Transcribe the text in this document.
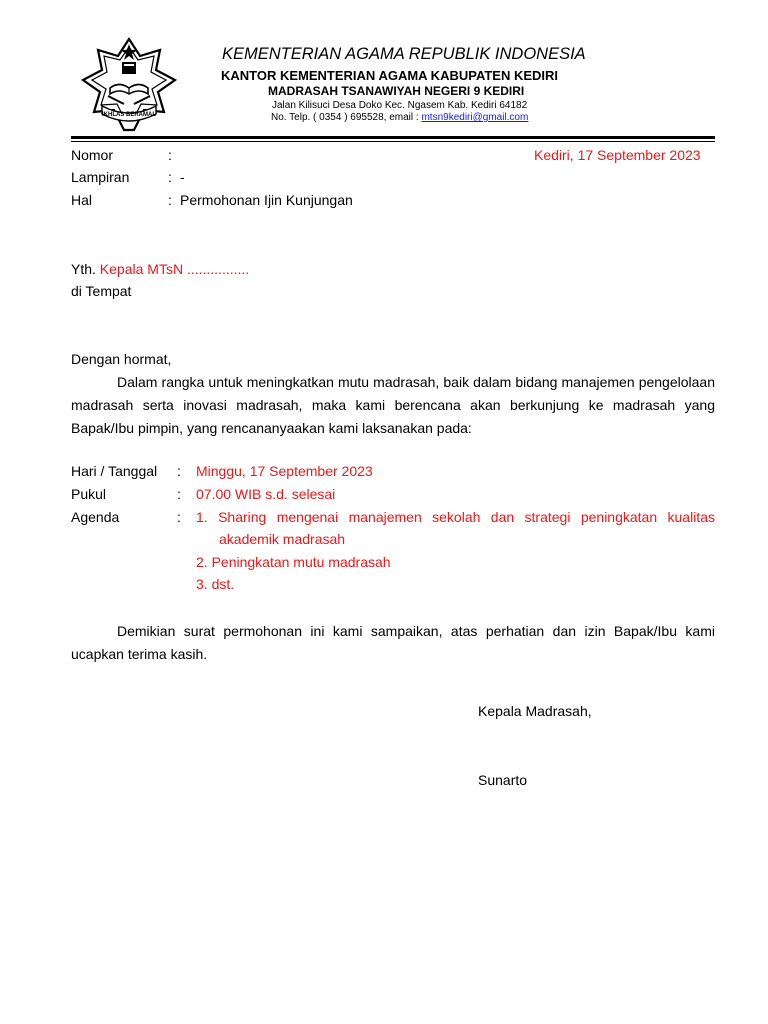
IKHLAS BERAMAL
KEMENTERIAN AGAMA REPUBLIK INDONESIA
KANTOR KEMENTERIAN AGAMA KABUPATEN KEDIRI
MADRASAH TSANAWIYAH NEGERI 9 KEDIRI
Jalan Kilisuci Desa Doko Kec. Ngasem Kab. Kediri 64182
No. Telp. ( 0354 ) 695528, email : mtsn9kediri@gmail.com
Nomor	:	Kediri, 17 September 2023
Lampiran	: -
Hal	: Permohonan Ijin Kunjungan
Yth. Kepala MTsN ................
di Tempat
Dengan hormat,
Dalam rangka untuk meningkatkan mutu madrasah, baik dalam bidang manajemen pengelolaan madrasah serta inovasi madrasah, maka kami berencana akan berkunjung ke madrasah yang Bapak/Ibu pimpin, yang rencananyaakan kami laksanakan pada:
Hari / Tanggal : Minggu, 17 September 2023
Pukul	: 07.00 WIB s.d. selesai
Agenda	: 1. Sharing mengenai manajemen sekolah dan strategi peningkatan kualitas
akademik madrasah
2. Peningkatan mutu madrasah
3. dst.
Demikian surat permohonan ini kami sampaikan, atas perhatian dan izin Bapak/Ibu kami ucapkan terima kasih.
Kepala Madrasah,
Sunarto
